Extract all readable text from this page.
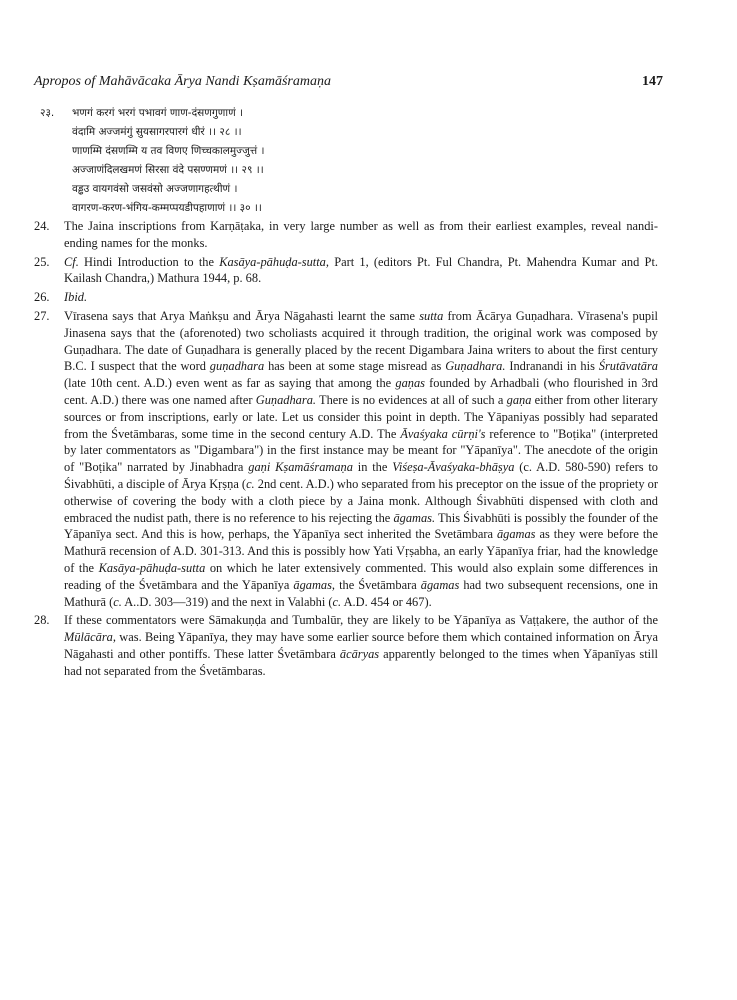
Apropos of Mahāvācaka Ārya Nandi Kṣamāśramaṇa	147
२३. भणगं करगं भरगं पभावगं णाण-दंसणगुणाणं ।
वंदामि अज्जमंगुं सुयसागरपारगं धीरं ।। २८ ।।
णाणम्मि दंसणम्मि य तव विणए णिच्चकालमुज्जुत्तं ।
अज्जाणंदिलखमणं सिरसा वंदे पसण्णमणं ।। २९ ।।
वड्ढउ वायगवंसो जसवंसो अज्जणागहत्थीणं ।
वागरण-करण-भंगिय-कम्मप्पयडीपहाणाणं ।। ३० ।।
24.	The Jaina inscriptions from Karṇāṭaka, in very large number as well as from their earliest examples, reveal nandi-ending names for the monks.
25.	Cf. Hindi Introduction to the Kasāya-pāhuḍa-sutta, Part 1, (editors Pt. Ful Chandra, Pt. Mahendra Kumar and Pt. Kailash Chandra,) Mathura 1944, p. 68.
26.	Ibid.
27.	Vīrasena says that Arya Maṅkṣu and Ārya Nāgahasti learnt the same sutta from Ācārya Guṇadhara. Vīrasena's pupil Jinasena says that the (aforenoted) two scholiasts acquired it through tradition, the original work was composed by Guṇadhara. The date of Guṇadhara is generally placed by the recent Digambara Jaina writers to about the first century B.C. I suspect that the word guṇadhara has been at some stage misread as Guṇadhara. Indranandi in his Śrutāvatāra (late 10th cent. A.D.) even went as far as saying that among the gaṇas founded by Arhadbali (who flourished in 3rd cent. A.D.) there was one named after Guṇadhara. There is no evidences at all of such a gaṇa either from other literary sources or from inscriptions, early or late. Let us consider this point in depth. The Yāpaniyas possibly had separated from the Śvetāmbaras, some time in the second century A.D. The Āvaśyaka cūrṇi's reference to "Boṭika" (interpreted by later commentators as "Digambara") in the first instance may be meant for "Yāpanīya". The anecdote of the origin of "Boṭika" narrated by Jinabhadra gaṇi Kṣamāśramaṇa in the Viśeṣa-Āvaśyaka-bhāṣya (c. A.D. 580-590) refers to Śivabhūti, a disciple of Ārya Kṛṣṇa (c. 2nd cent. A.D.) who separated from his preceptor on the issue of the propriety or otherwise of covering the body with a cloth piece by a Jaina monk. Although Śivabhūti dispensed with cloth and embraced the nudist path, there is no reference to his rejecting the āgamas. This Śivabhūti is possibly the founder of the Yāpanīya sect. And this is how, perhaps, the Yāpanīya sect inherited the Svetāmbara āgamas as they were before the Mathurā recension of A.D. 301-313. And this is possibly how Yati Vṛṣabha, an early Yāpanīya friar, had the knowledge of the Kasāya-pāhuḍa-sutta on which he later extensively commented. This would also explain some differences in reading of the Śvetāmbara and the Yāpanīya āgamas, the Śvetāmbara āgamas had two subsequent recensions, one in Mathurā (c. A..D. 303—319) and the next in Valabhi (c. A.D. 454 or 467).
28.	If these commentators were Sāmakuṇḍa and Tumbalūr, they are likely to be Yāpanīya as Vaṭṭakere, the author of the Mūlācāra, was. Being Yāpanīya, they may have some earlier source before them which contained information on Ārya Nāgahasti and other pontiffs. These latter Śvetāmbara ācāryas apparently belonged to the times when Yāpanīyas still had not separated from the Śvetāmbaras.
